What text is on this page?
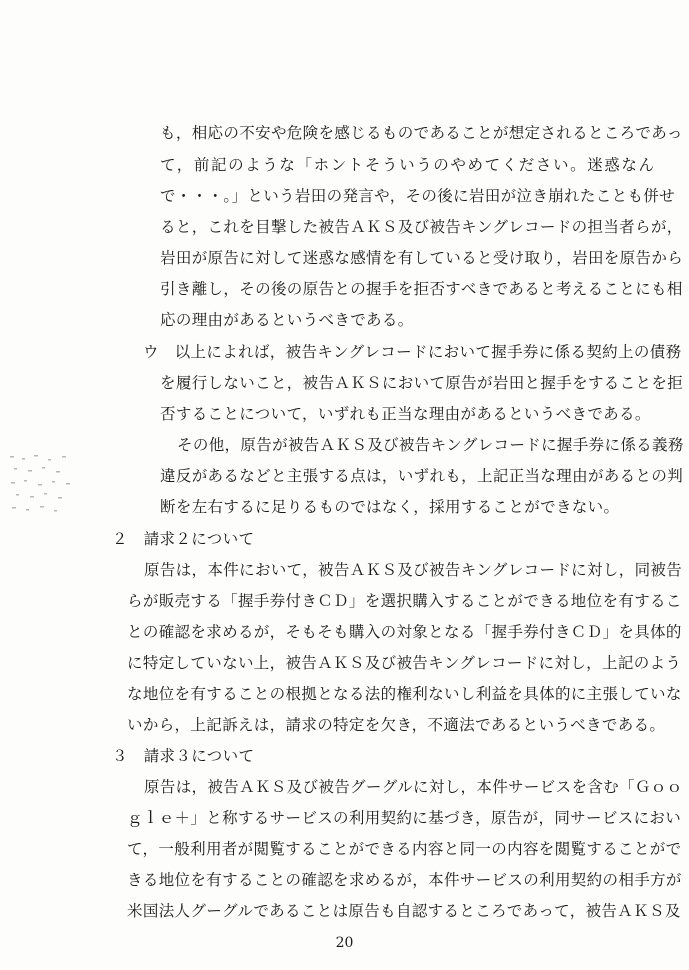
も，相応の不安や危険を感じるものであることが想定されるところであっ
て，前記のような「ホントそういうのやめてください。迷惑なん
で・・・。」という岩田の発言や，その後に岩田が泣き崩れたことも併せ
ると，これを目撃した被告ＡＫＳ及び被告キングレコードの担当者らが，
岩田が原告に対して迷惑な感情を有していると受け取り，岩田を原告から
引き離し，その後の原告との握手を拒否すべきであると考えることにも相
応の理由があるというべきである。
ウ　以上によれば，被告キングレコードにおいて握手券に係る契約上の債務
を履行しないこと，被告ＡＫＳにおいて原告が岩田と握手をすることを拒
否することについて，いずれも正当な理由があるというべきである。
その他，原告が被告ＡＫＳ及び被告キングレコードに握手券に係る義務
違反があるなどと主張する点は，いずれも，上記正当な理由があるとの判
断を左右するに足りるものではなく，採用することができない。
２　請求２について
原告は，本件において，被告ＡＫＳ及び被告キングレコードに対し，同被告
らが販売する「握手券付きＣＤ」を選択購入することができる地位を有するこ
との確認を求めるが，そもそも購入の対象となる「握手券付きＣＤ」を具体的
に特定していない上，被告ＡＫＳ及び被告キングレコードに対し，上記のよう
な地位を有することの根拠となる法的権利ないし利益を具体的に主張していな
いから，上記訴えは，請求の特定を欠き，不適法であるというべきである。
３　請求３について
原告は，被告ＡＫＳ及び被告グーグルに対し，本件サービスを含む「Ｇｏｏ
ｇｌｅ＋」と称するサービスの利用契約に基づき，原告が，同サービスにおい
て，一般利用者が閲覧することができる内容と同一の内容を閲覧することがで
きる地位を有することの確認を求めるが，本件サービスの利用契約の相手方が
米国法人グーグルであることは原告も自認するところであって，被告ＡＫＳ及
20
